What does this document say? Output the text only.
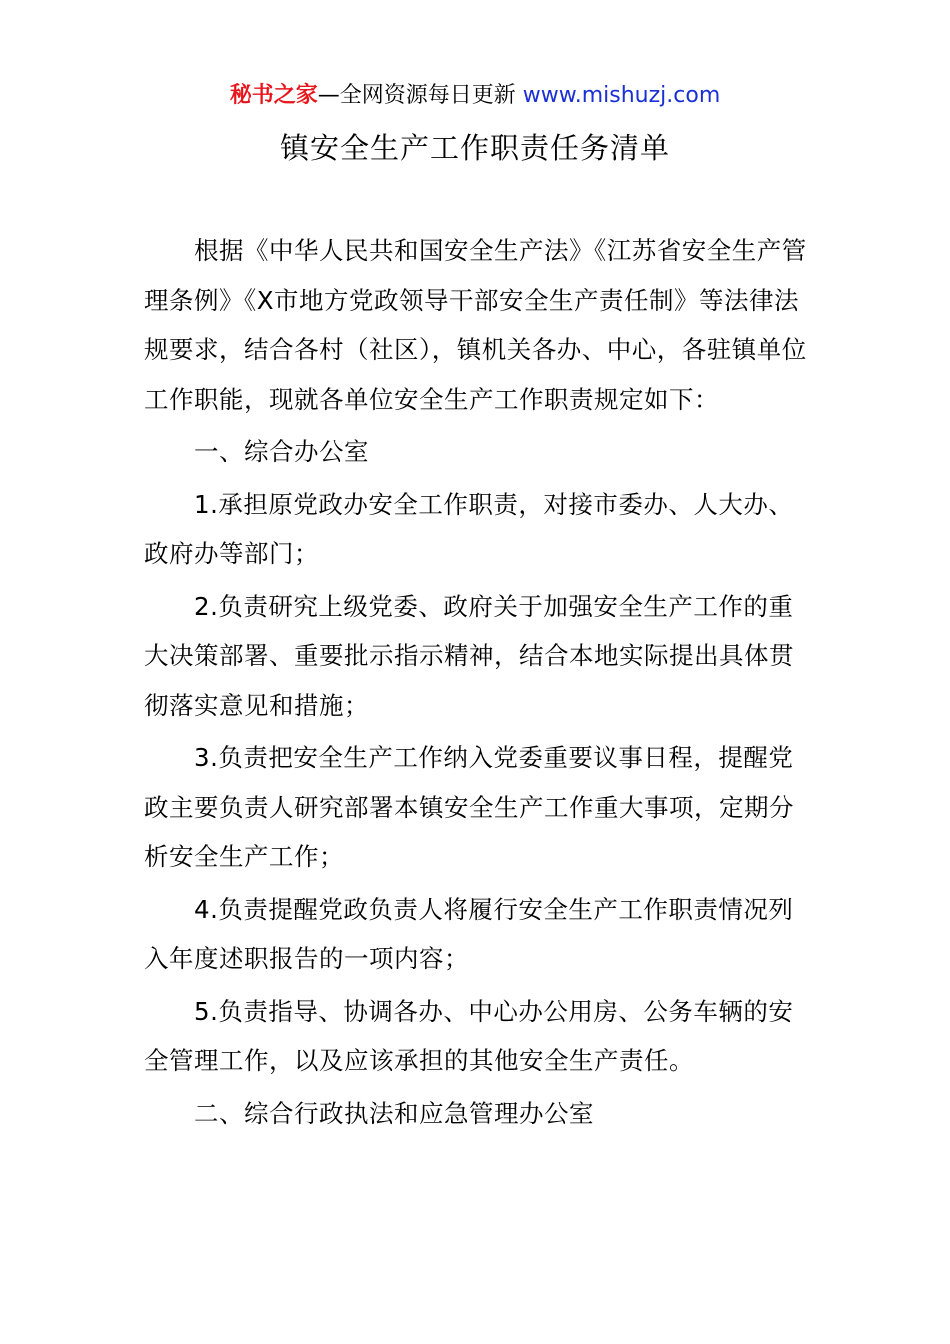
秘书之家—全网资源每日更新 www.mishuzj.com
镇安全生产工作职责任务清单

根据《中华人民共和国安全生产法》《江苏省安全生产管理条例》《X市地方党政领导干部安全生产责任制》等法律法规要求，结合各村（社区），镇机关各办、中心，各驻镇单位工作职能，现就各单位安全生产工作职责规定如下：

一、综合办公室

1.承担原党政办安全工作职责，对接市委办、人大办、政府办等部门；

2.负责研究上级党委、政府关于加强安全生产工作的重大决策部署、重要批示指示精神，结合本地实际提出具体贯彻落实意见和措施；

3.负责把安全生产工作纳入党委重要议事日程，提醒党政主要负责人研究部署本镇安全生产工作重大事项，定期分析安全生产工作；

4.负责提醒党政负责人将履行安全生产工作职责情况列入年度述职报告的一项内容；

5.负责指导、协调各办、中心办公用房、公务车辆的安全管理工作，以及应该承担的其他安全生产责任。

二、综合行政执法和应急管理办公室
